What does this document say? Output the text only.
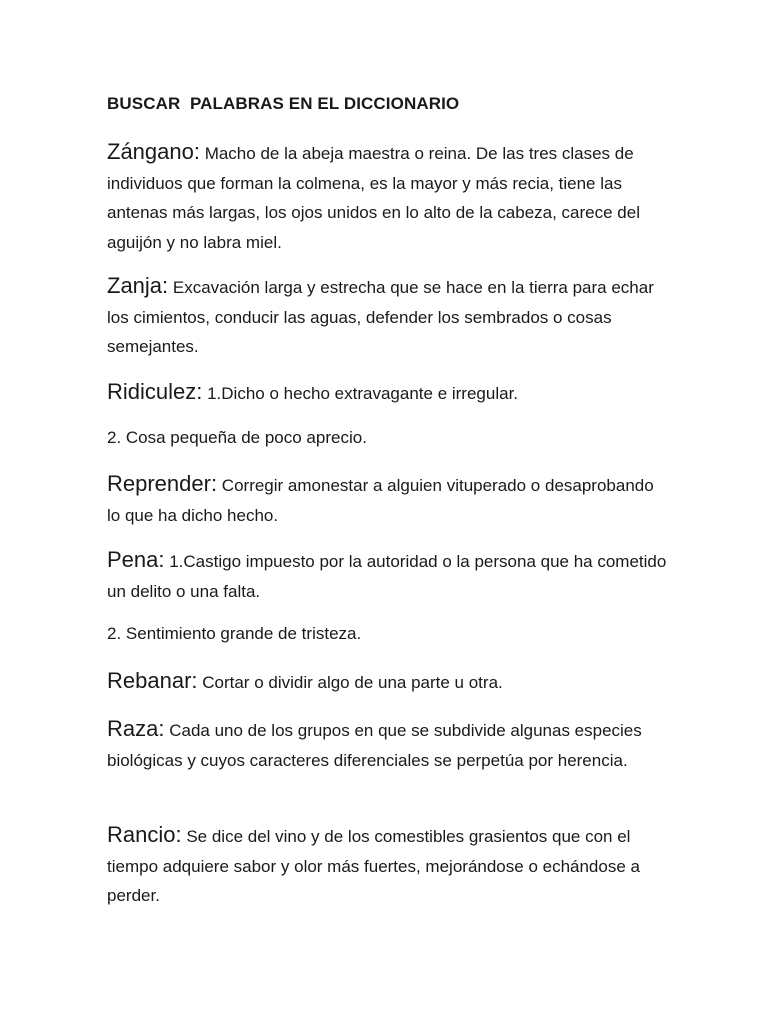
BUSCAR  PALABRAS EN EL DICCIONARIO

Zángano: Macho de la abeja maestra o reina. De las tres clases de individuos que forman la colmena, es la mayor y más recia, tiene las antenas más largas, los ojos unidos en lo alto de la cabeza, carece del aguijón y no labra miel.

Zanja: Excavación larga y estrecha que se hace en la tierra para echar los cimientos, conducir las aguas, defender los sembrados o cosas semejantes.

Ridiculez: 1.Dicho o hecho extravagante e irregular.

2. Cosa pequeña de poco aprecio.

Reprender: Corregir amonestar a alguien vituperado o desaprobando lo que ha dicho hecho.

Pena: 1.Castigo impuesto por la autoridad o la persona que ha cometido un delito o una falta.

2. Sentimiento grande de tristeza.

Rebanar: Cortar o dividir algo de una parte u otra.

Raza: Cada uno de los grupos en que se subdivide algunas especies biológicas y cuyos caracteres diferenciales se perpetúa por herencia.

Rancio: Se dice del vino y de los comestibles grasientos que con el tiempo adquiere sabor y olor más fuertes, mejorándose o echándose a perder.
